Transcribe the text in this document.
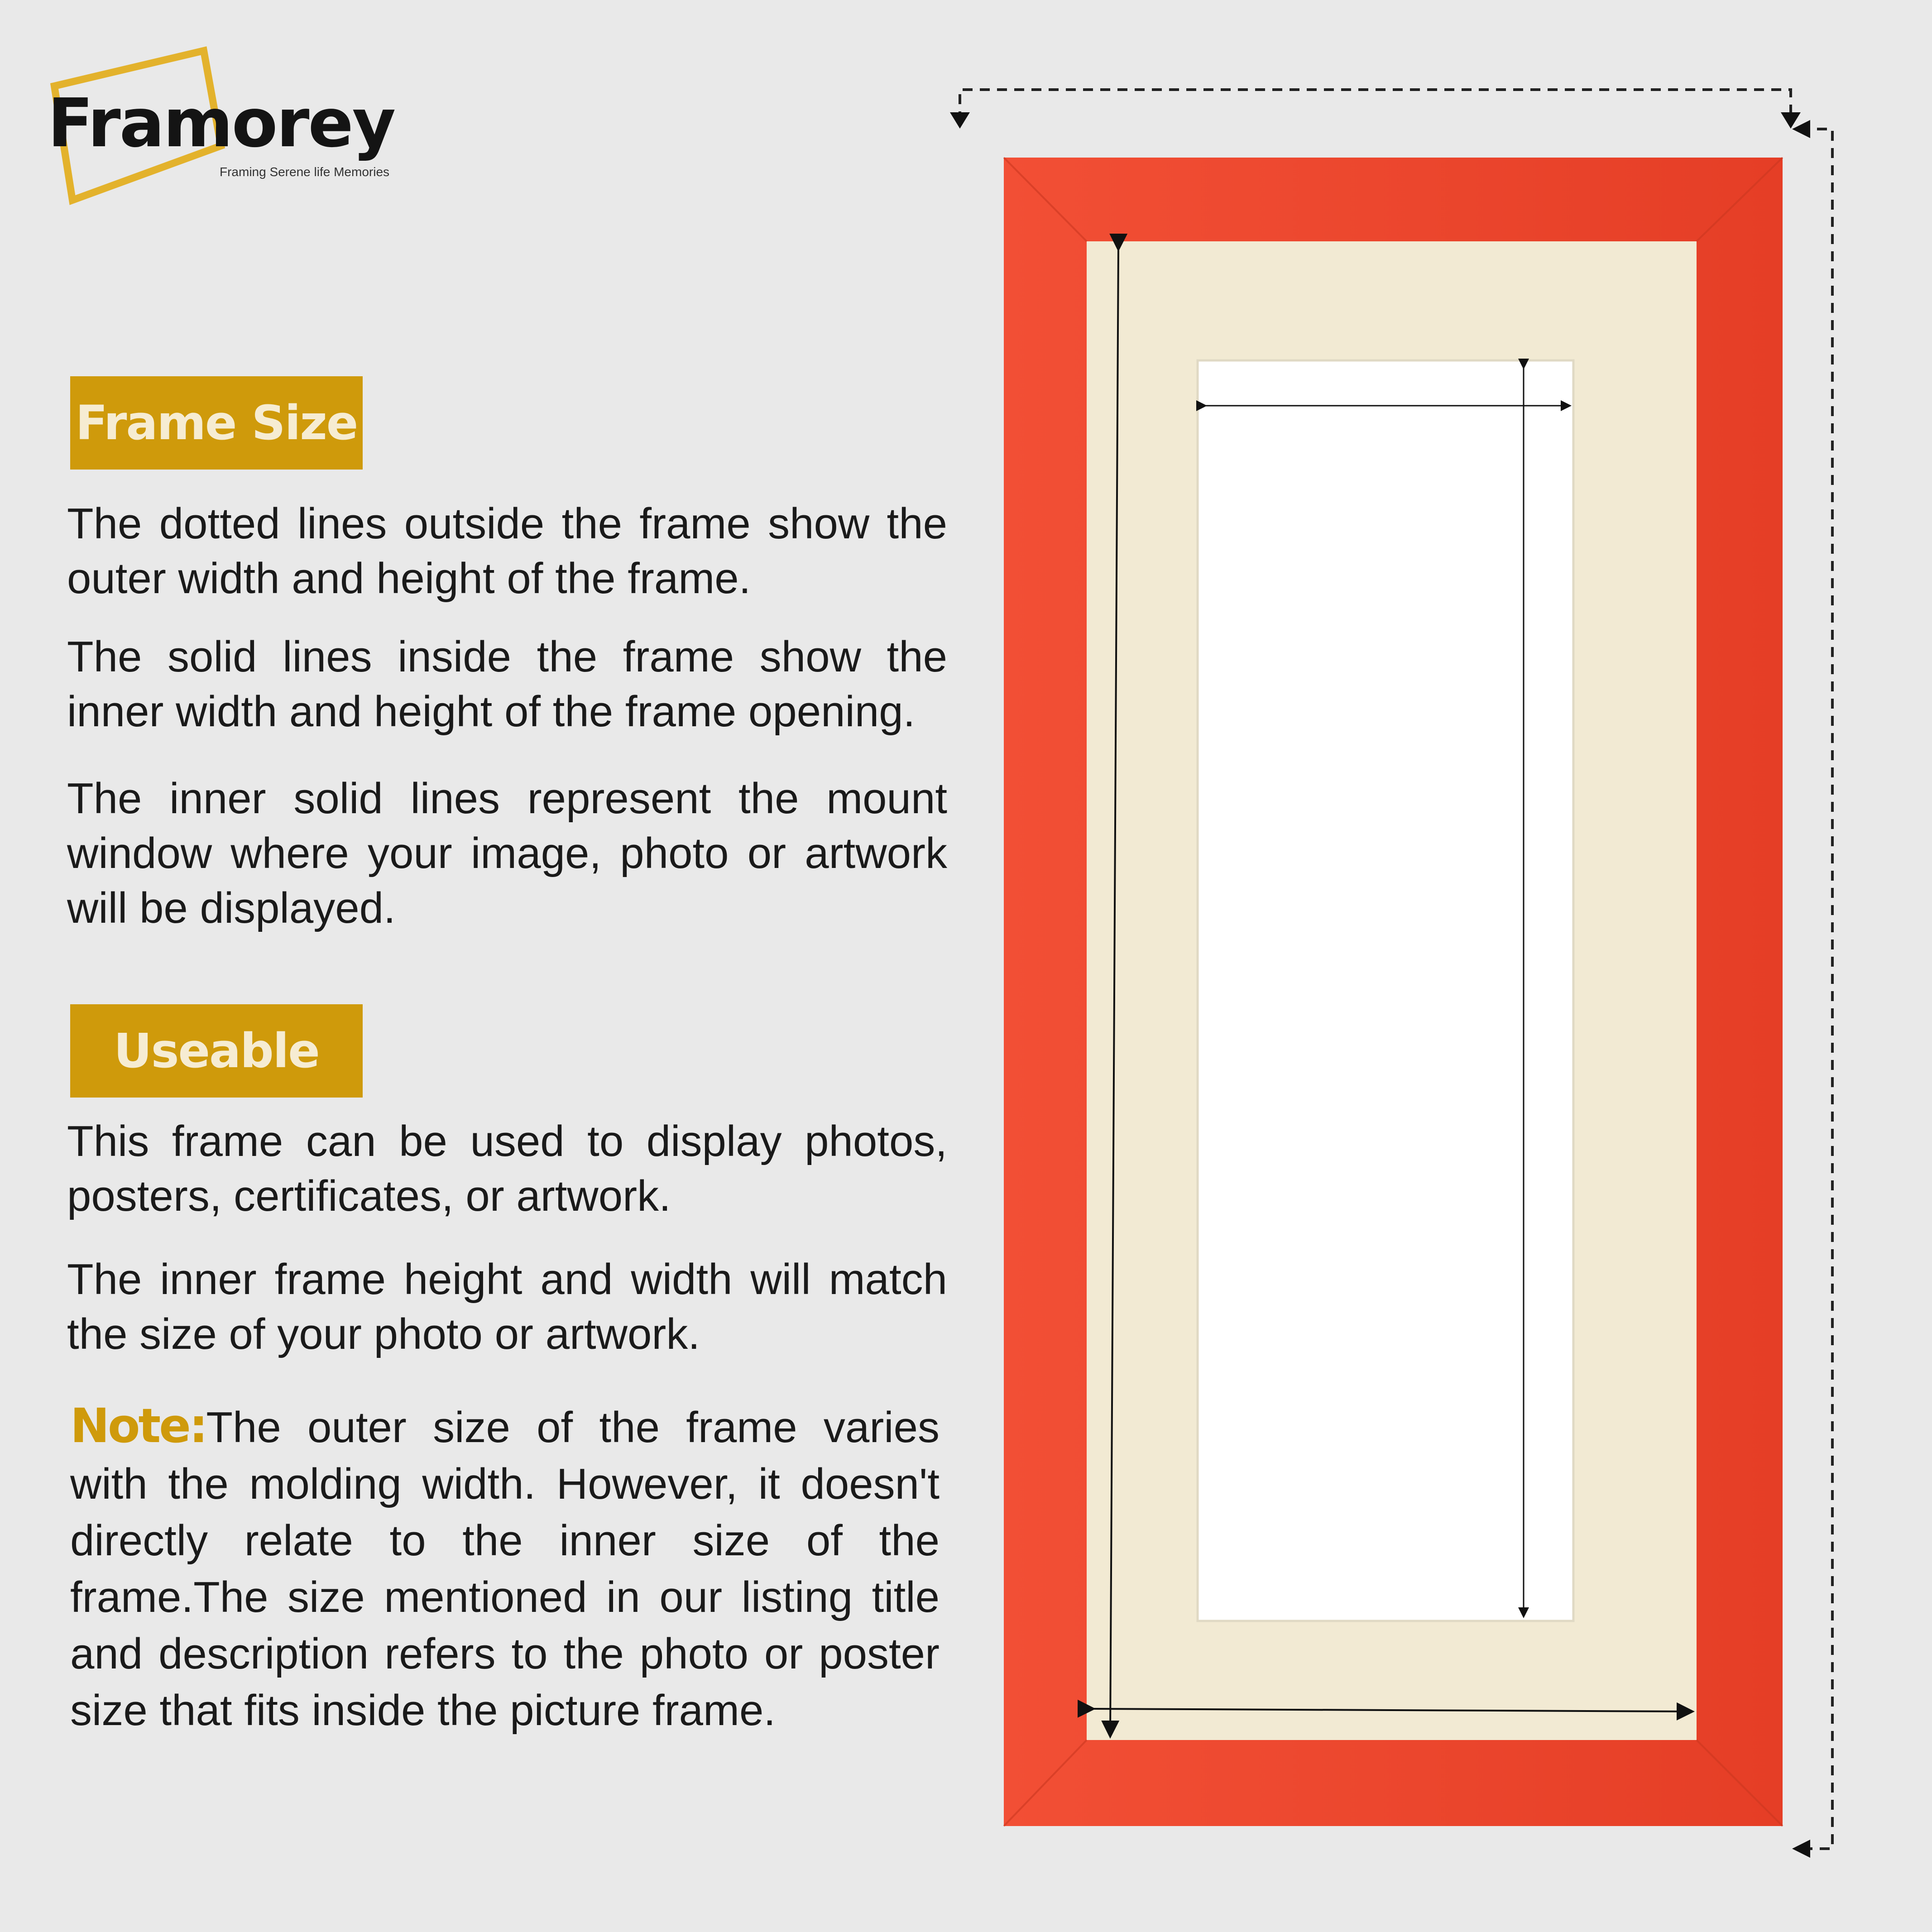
Framorey

Framing Serene life Memories

Frame Size

The dotted lines outside the frame show the outer width and height of the frame.

The solid lines inside the frame show the inner width and height of the frame opening.

The inner solid lines represent the mount window where your image, photo or artwork will be displayed.

Useable

This frame can be used to display photos, posters, certificates, or artwork.

The inner frame height and width will match the size of your photo or artwork.

Note:The outer size of the frame varies with the molding width. However, it doesn't directly relate to the inner size of the frame.The size mentioned in our listing title and description refers to the photo or poster size that fits inside the picture frame.
